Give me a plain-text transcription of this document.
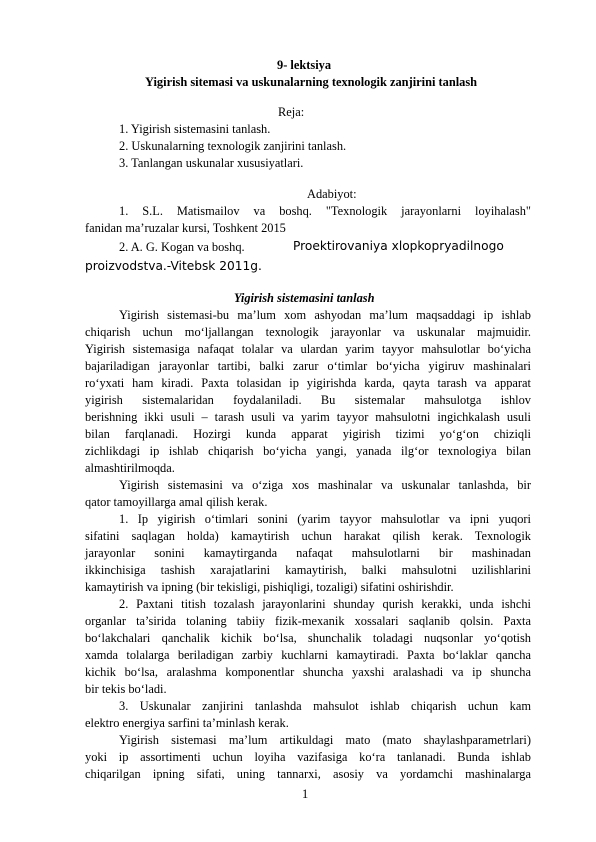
9- lektsiya
Yigirish sitemasi va uskunalarning texnologik zanjirini tanlash
Reja:
1. Yigirish sistemasini tanlash.
2. Uskunalarning texnologik zanjirini tanlash.
3. Tanlangan uskunalar xususiyatlari.
Adabiyot:
1. S.L. Matismailov va boshq. "Texnologik jarayonlarni loyihalash"
fanidan ma’ruzalar kursi, Toshkent 2015
2. A. G. Kogan va boshq.	Proektirovaniya xlopkopryadilnogo
proizvodstva.-Vitebsk 2011g.
Yigirish sistemasini tanlash
Yigirish sistemasi-bu ma’lum xom ashyodan ma’lum maqsaddagi ip ishlab
chiqarish uchun mo‘ljallangan texnologik jarayonlar va uskunalar majmuidir.
Yigirish sistemasiga nafaqat tolalar va ulardan yarim tayyor mahsulotlar bo‘yicha
bajariladigan jarayonlar tartibi, balki zarur o‘timlar bo‘yicha yigiruv mashinalari
ro‘yxati ham kiradi. Paxta tolasidan ip yigirishda karda, qayta tarash va apparat
yigirish sistemalaridan foydalaniladi. Bu sistemalar mahsulotga ishlov
berishning ikki usuli – tarash usuli va yarim tayyor mahsulotni ingichkalash usuli
bilan farqlanadi. Hozirgi kunda apparat yigirish tizimi yo‘g‘on chiziqli
zichlikdagi ip ishlab chiqarish bo‘yicha yangi, yanada ilg‘or texnologiya bilan
almashtirilmoqda.
Yigirish sistemasini va o‘ziga xos mashinalar va uskunalar tanlashda, bir
qator tamoyillarga amal qilish kerak.
1. Ip yigirish o‘timlari sonini (yarim tayyor mahsulotlar va ipni yuqori
sifatini saqlagan holda) kamaytirish uchun harakat qilish kerak. Texnologik
jarayonlar sonini kamaytirganda nafaqat mahsulotlarni bir mashinadan
ikkinchisiga tashish xarajatlarini kamaytirish, balki mahsulotni uzilishlarini
kamaytirish va ipning (bir tekisligi, pishiqligi, tozaligi) sifatini oshirishdir.
2. Paxtani titish tozalash jarayonlarini shunday qurish kerakki, unda ishchi
organlar ta’sirida tolaning tabiiy fizik-mexanik xossalari saqlanib qolsin. Paxta
bo‘lakchalari qanchalik kichik bo‘lsa, shunchalik toladagi nuqsonlar yo‘qotish
xamda tolalarga beriladigan zarbiy kuchlarni kamaytiradi. Paxta bo‘laklar qancha
kichik bo‘lsa, aralashma komponentlar shuncha yaxshi aralashadi va ip shuncha
bir tekis bo‘ladi.
3. Uskunalar zanjirini tanlashda mahsulot ishlab chiqarish uchun kam
elektro energiya sarfini ta’minlash kerak.
Yigirish sistemasi ma’lum artikuldagi mato (mato shaylashparametrlari)
yoki ip assortimenti uchun loyiha vazifasiga ko‘ra tanlanadi. Bunda ishlab
chiqarilgan ipning sifati, uning tannarxi, asosiy va yordamchi mashinalarga
1
